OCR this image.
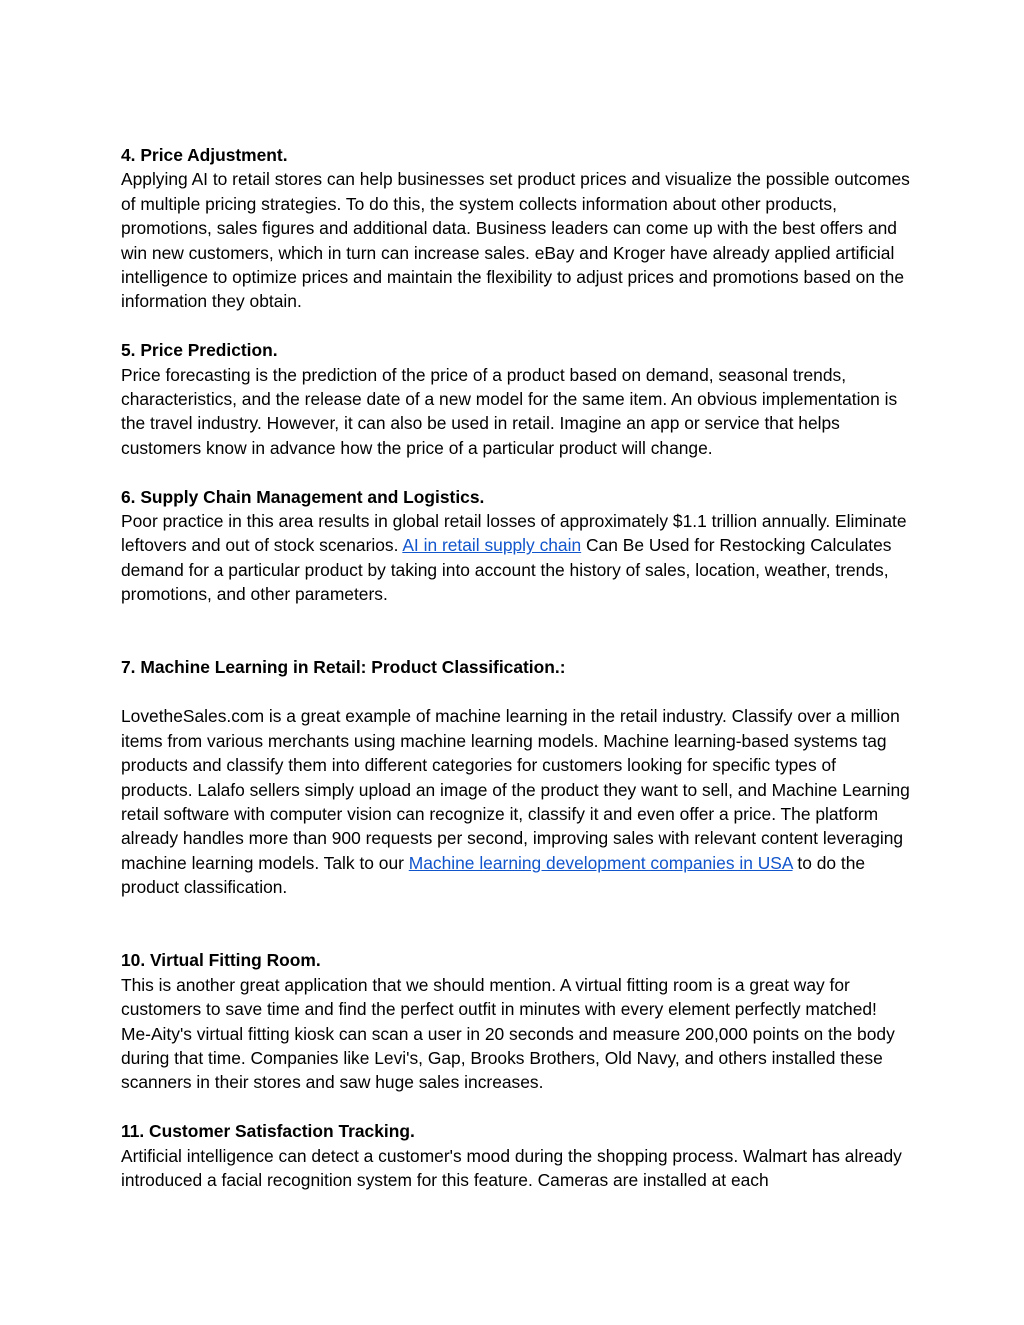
4. Price Adjustment.
Applying AI to retail stores can help businesses set product prices and visualize the possible outcomes of multiple pricing strategies. To do this, the system collects information about other products, promotions, sales figures and additional data. Business leaders can come up with the best offers and win new customers, which in turn can increase sales. eBay and Kroger have already applied artificial intelligence to optimize prices and maintain the flexibility to adjust prices and promotions based on the information they obtain.
5. Price Prediction.
Price forecasting is the prediction of the price of a product based on demand, seasonal trends, characteristics, and the release date of a new model for the same item. An obvious implementation is the travel industry. However, it can also be used in retail. Imagine an app or service that helps customers know in advance how the price of a particular product will change.
6. Supply Chain Management and Logistics.
Poor practice in this area results in global retail losses of approximately $1.1 trillion annually. Eliminate leftovers and out of stock scenarios. AI in retail supply chain Can Be Used for Restocking Calculates demand for a particular product by taking into account the history of sales, location, weather, trends, promotions, and other parameters.
7. Machine Learning in Retail: Product Classification.:
LovetheSales.com is a great example of machine learning in the retail industry. Classify over a million items from various merchants using machine learning models. Machine learning-based systems tag products and classify them into different categories for customers looking for specific types of products. Lalafo sellers simply upload an image of the product they want to sell, and Machine Learning retail software with computer vision can recognize it, classify it and even offer a price. The platform already handles more than 900 requests per second, improving sales with relevant content leveraging machine learning models. Talk to our Machine learning development companies in USA to do the product classification.
10. Virtual Fitting Room.
This is another great application that we should mention. A virtual fitting room is a great way for customers to save time and find the perfect outfit in minutes with every element perfectly matched! Me-Aity's virtual fitting kiosk can scan a user in 20 seconds and measure 200,000 points on the body during that time. Companies like Levi's, Gap, Brooks Brothers, Old Navy, and others installed these scanners in their stores and saw huge sales increases.
11. Customer Satisfaction Tracking.
Artificial intelligence can detect a customer's mood during the shopping process. Walmart has already introduced a facial recognition system for this feature. Cameras are installed at each
